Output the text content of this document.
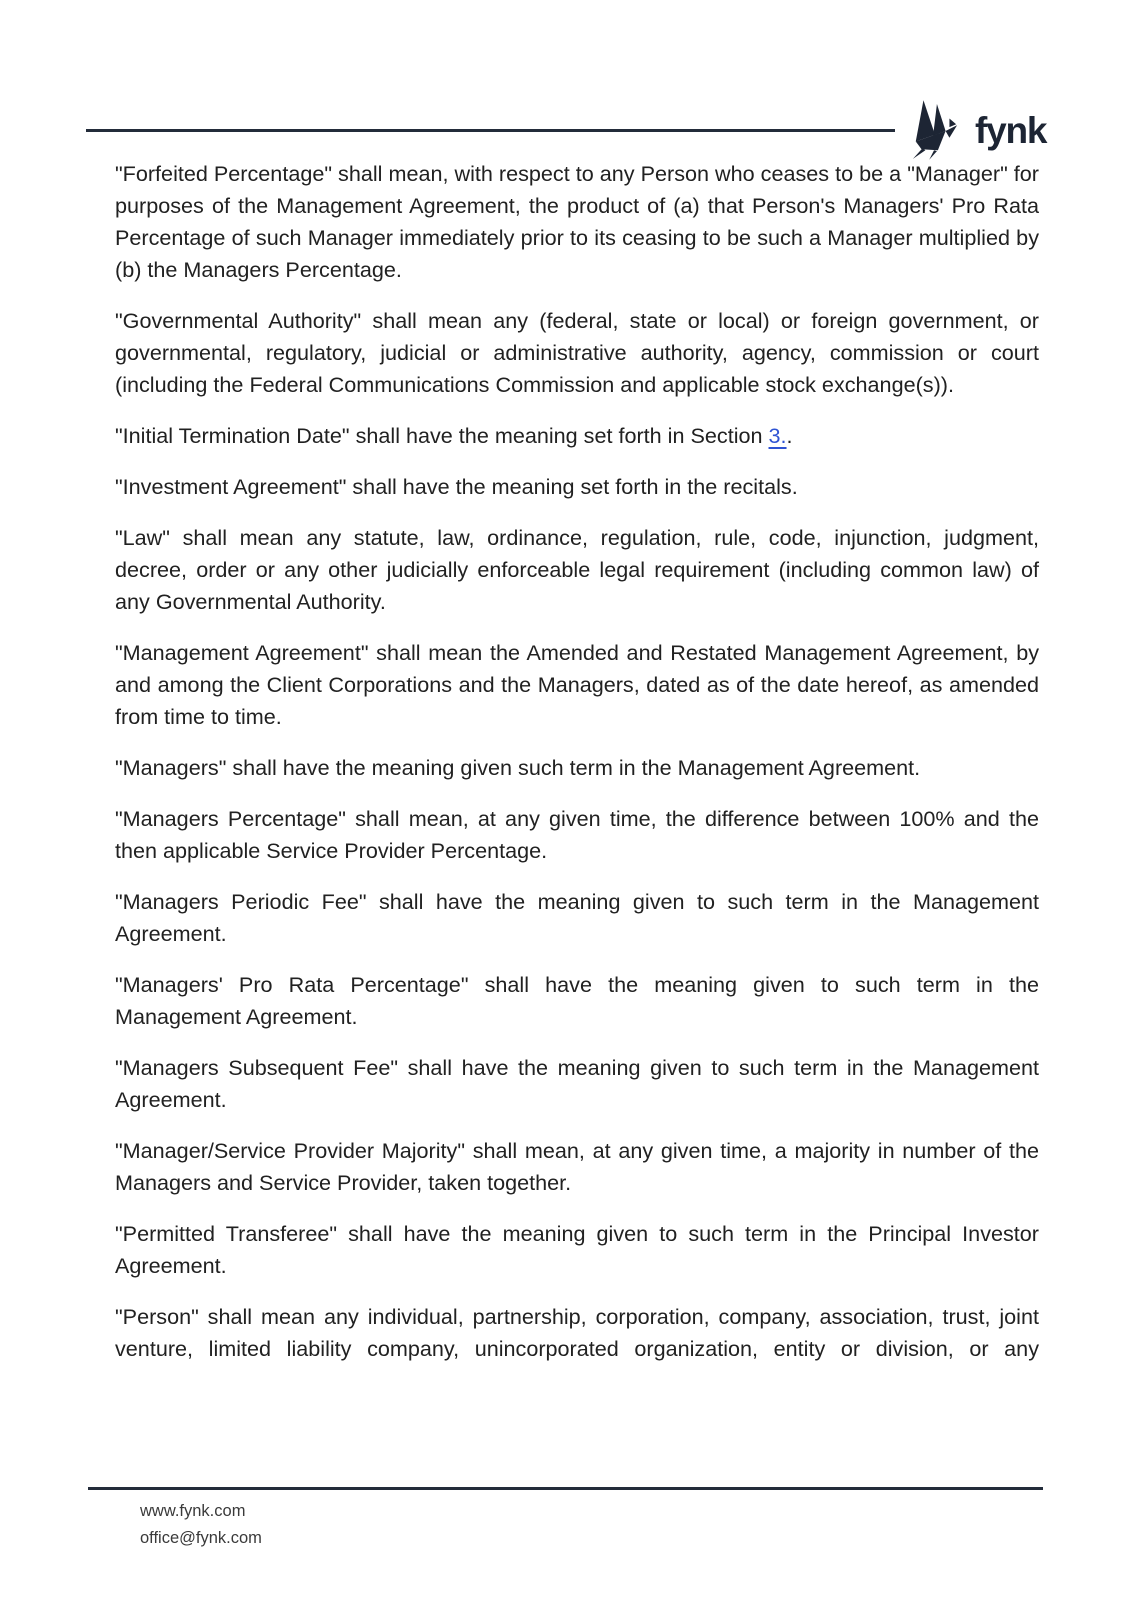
fynk

"Forfeited Percentage" shall mean, with respect to any Person who ceases to be a "Manager" for purposes of the Management Agreement, the product of (a) that Person's Managers' Pro Rata Percentage of such Manager immediately prior to its ceasing to be such a Manager multiplied by (b) the Managers Percentage.

"Governmental Authority" shall mean any (federal, state or local) or foreign government, or governmental, regulatory, judicial or administrative authority, agency, commission or court (including the Federal Communications Commission and applicable stock exchange(s)).

"Initial Termination Date" shall have the meaning set forth in Section 3..

"Investment Agreement" shall have the meaning set forth in the recitals.

"Law" shall mean any statute, law, ordinance, regulation, rule, code, injunction, judgment, decree, order or any other judicially enforceable legal requirement (including common law) of any Governmental Authority.

"Management Agreement" shall mean the Amended and Restated Management Agreement, by and among the Client Corporations and the Managers, dated as of the date hereof, as amended from time to time.

"Managers" shall have the meaning given such term in the Management Agreement.

"Managers Percentage" shall mean, at any given time, the difference between 100% and the then applicable Service Provider Percentage.

"Managers Periodic Fee" shall have the meaning given to such term in the Management Agreement.

"Managers' Pro Rata Percentage" shall have the meaning given to such term in the Management Agreement.

"Managers Subsequent Fee" shall have the meaning given to such term in the Management Agreement.

"Manager/Service Provider Majority" shall mean, at any given time, a majority in number of the Managers and Service Provider, taken together.

"Permitted Transferee" shall have the meaning given to such term in the Principal Investor Agreement.

"Person" shall mean any individual, partnership, corporation, company, association, trust, joint venture, limited liability company, unincorporated organization, entity or division, or any

www.fynk.com
office@fynk.com
